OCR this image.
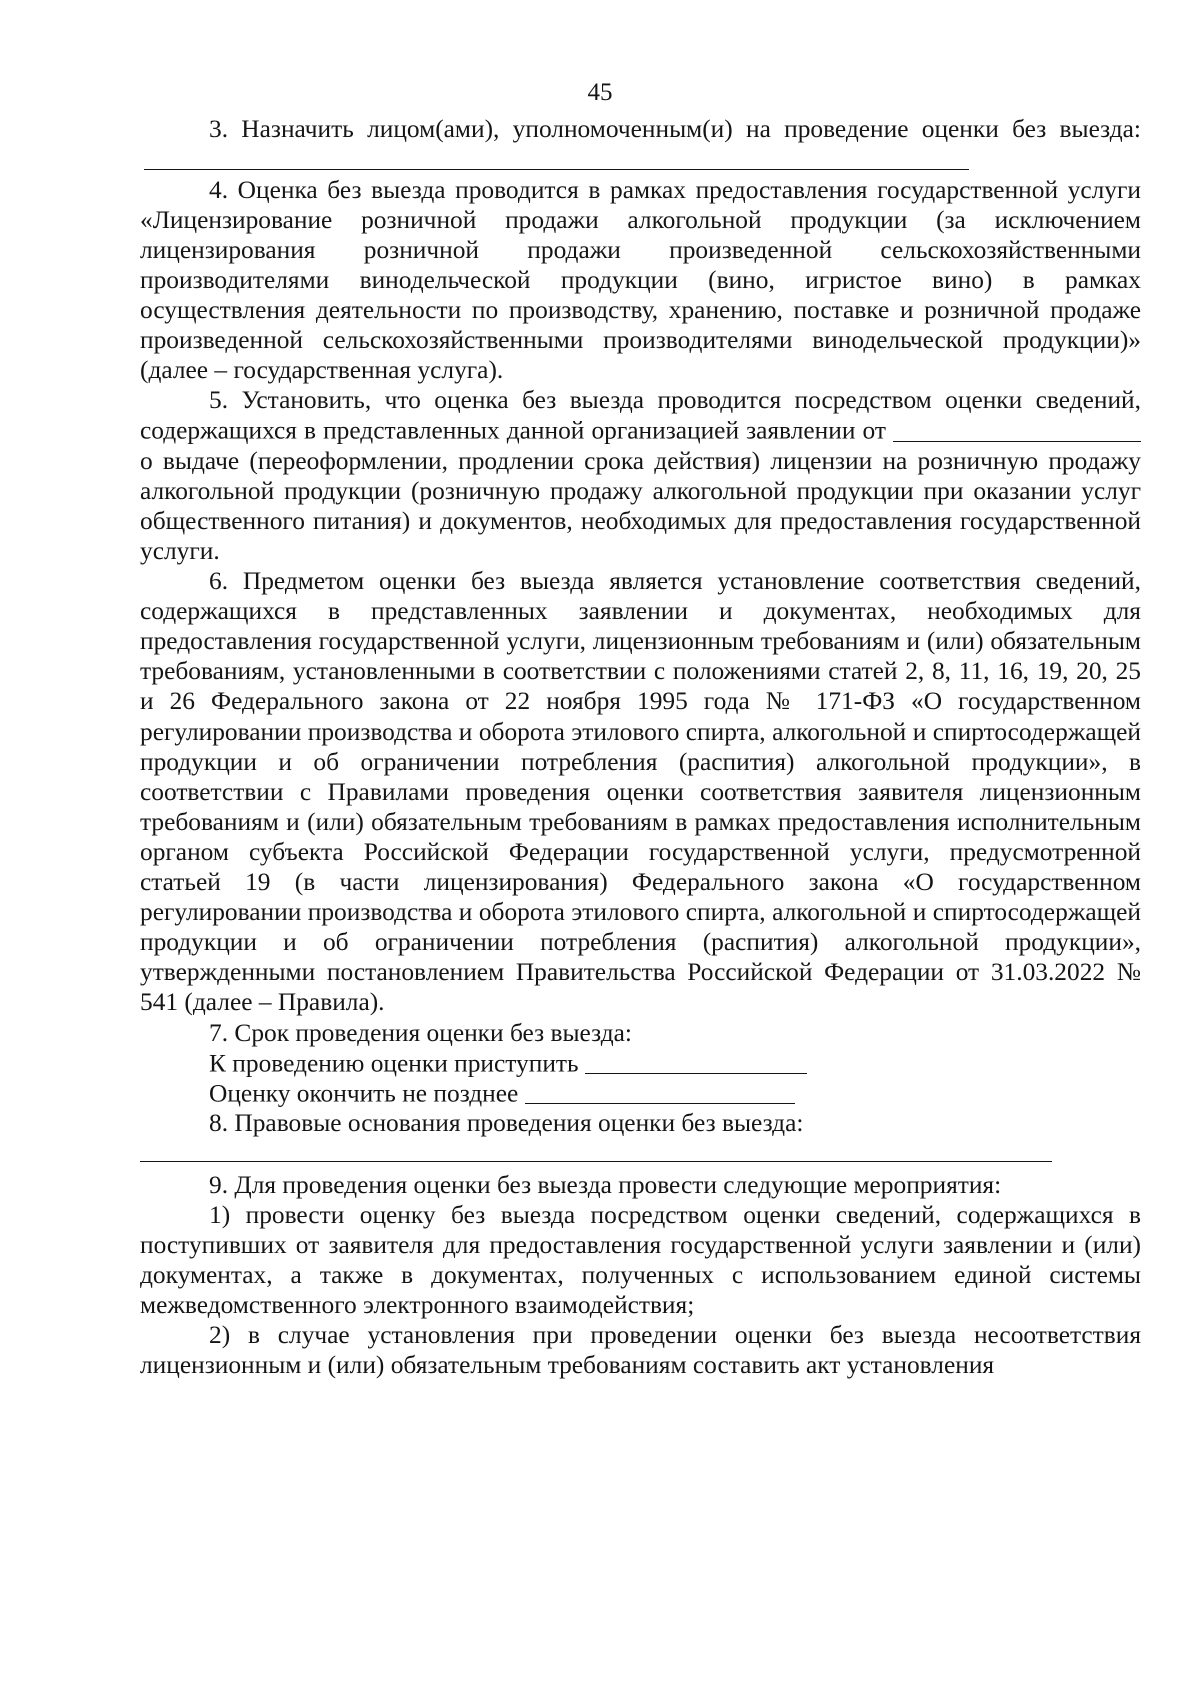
45

3. Назначить лицом(ами), уполномоченным(и) на проведение оценки без выезда:

4. Оценка без выезда проводится в рамках предоставления государственной услуги «Лицензирование розничной продажи алкогольной продукции (за исключением лицензирования розничной продажи произведенной сельскохозяйственными производителями винодельческой продукции (вино, игристое вино) в рамках осуществления деятельности по производству, хранению, поставке и розничной продаже произведенной сельскохозяйственными производителями винодельческой продукции)» (далее – государственная услуга).

5. Установить, что оценка без выезда проводится посредством оценки сведений, содержащихся в представленных данной организацией заявлении от  о выдаче (переоформлении, продлении срока действия) лицензии на розничную продажу алкогольной продукции (розничную продажу алкогольной продукции при оказании услуг общественного питания) и документов, необходимых для предоставления государственной услуги.

6. Предметом оценки без выезда является установление соответствия сведений, содержащихся в представленных заявлении и документах, необходимых для предоставления государственной услуги, лицензионным требованиям и (или) обязательным требованиям, установленными в соответствии с положениями статей 2, 8, 11, 16, 19, 20, 25 и 26 Федерального закона от 22 ноября 1995 года № 171-ФЗ «О государственном регулировании производства и оборота этилового спирта, алкогольной и спиртосодержащей продукции и об ограничении потребления (распития) алкогольной продукции», в соответствии с Правилами проведения оценки соответствия заявителя лицензионным требованиям и (или) обязательным требованиям в рамках предоставления исполнительным органом субъекта Российской Федерации государственной услуги, предусмотренной статьей 19 (в части лицензирования) Федерального закона «О государственном регулировании производства и оборота этилового спирта, алкогольной и спиртосодержащей продукции и об ограничении потребления (распития) алкогольной продукции», утвержденными постановлением Правительства Российской Федерации от 31.03.2022 № 541 (далее – Правила).

7. Срок проведения оценки без выезда:

К проведению оценки приступить

Оценку окончить не позднее

8. Правовые основания проведения оценки без выезда:

9. Для проведения оценки без выезда провести следующие мероприятия:

1) провести оценку без выезда посредством оценки сведений, содержащихся в поступивших от заявителя для предоставления государственной услуги заявлении и (или) документах, а также в документах, полученных с использованием единой системы межведомственного электронного взаимодействия;

2) в случае установления при проведении оценки без выезда несоответствия лицензионным и (или) обязательным требованиям составить акт установления
